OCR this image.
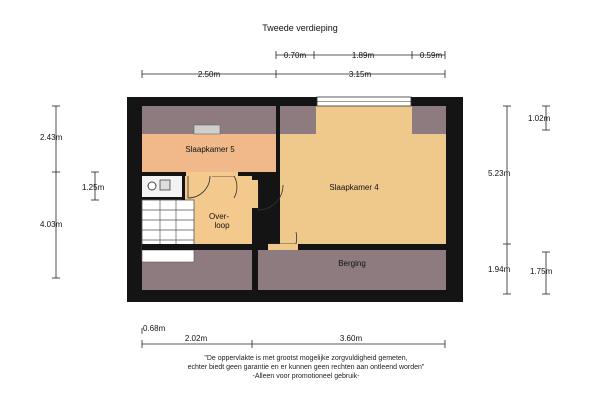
Tweede verdieping
Slaapkamer 5
Slaapkamer 4
Over-
loop
Berging
0.70m	1.89m	0.59m
2.50m	3.15m
2.43m
1.25m
4.03m
1.02m
5.23m
1.94m 1.75m
0.68m
2.02m	3.60m
"De oppervlakte is met grootst mogelijke zorgvuldigheid gemeten,
echter biedt geen garantie en er kunnen geen rechten aan ontleend worden"
-Alleen voor promotioneel gebruik-
